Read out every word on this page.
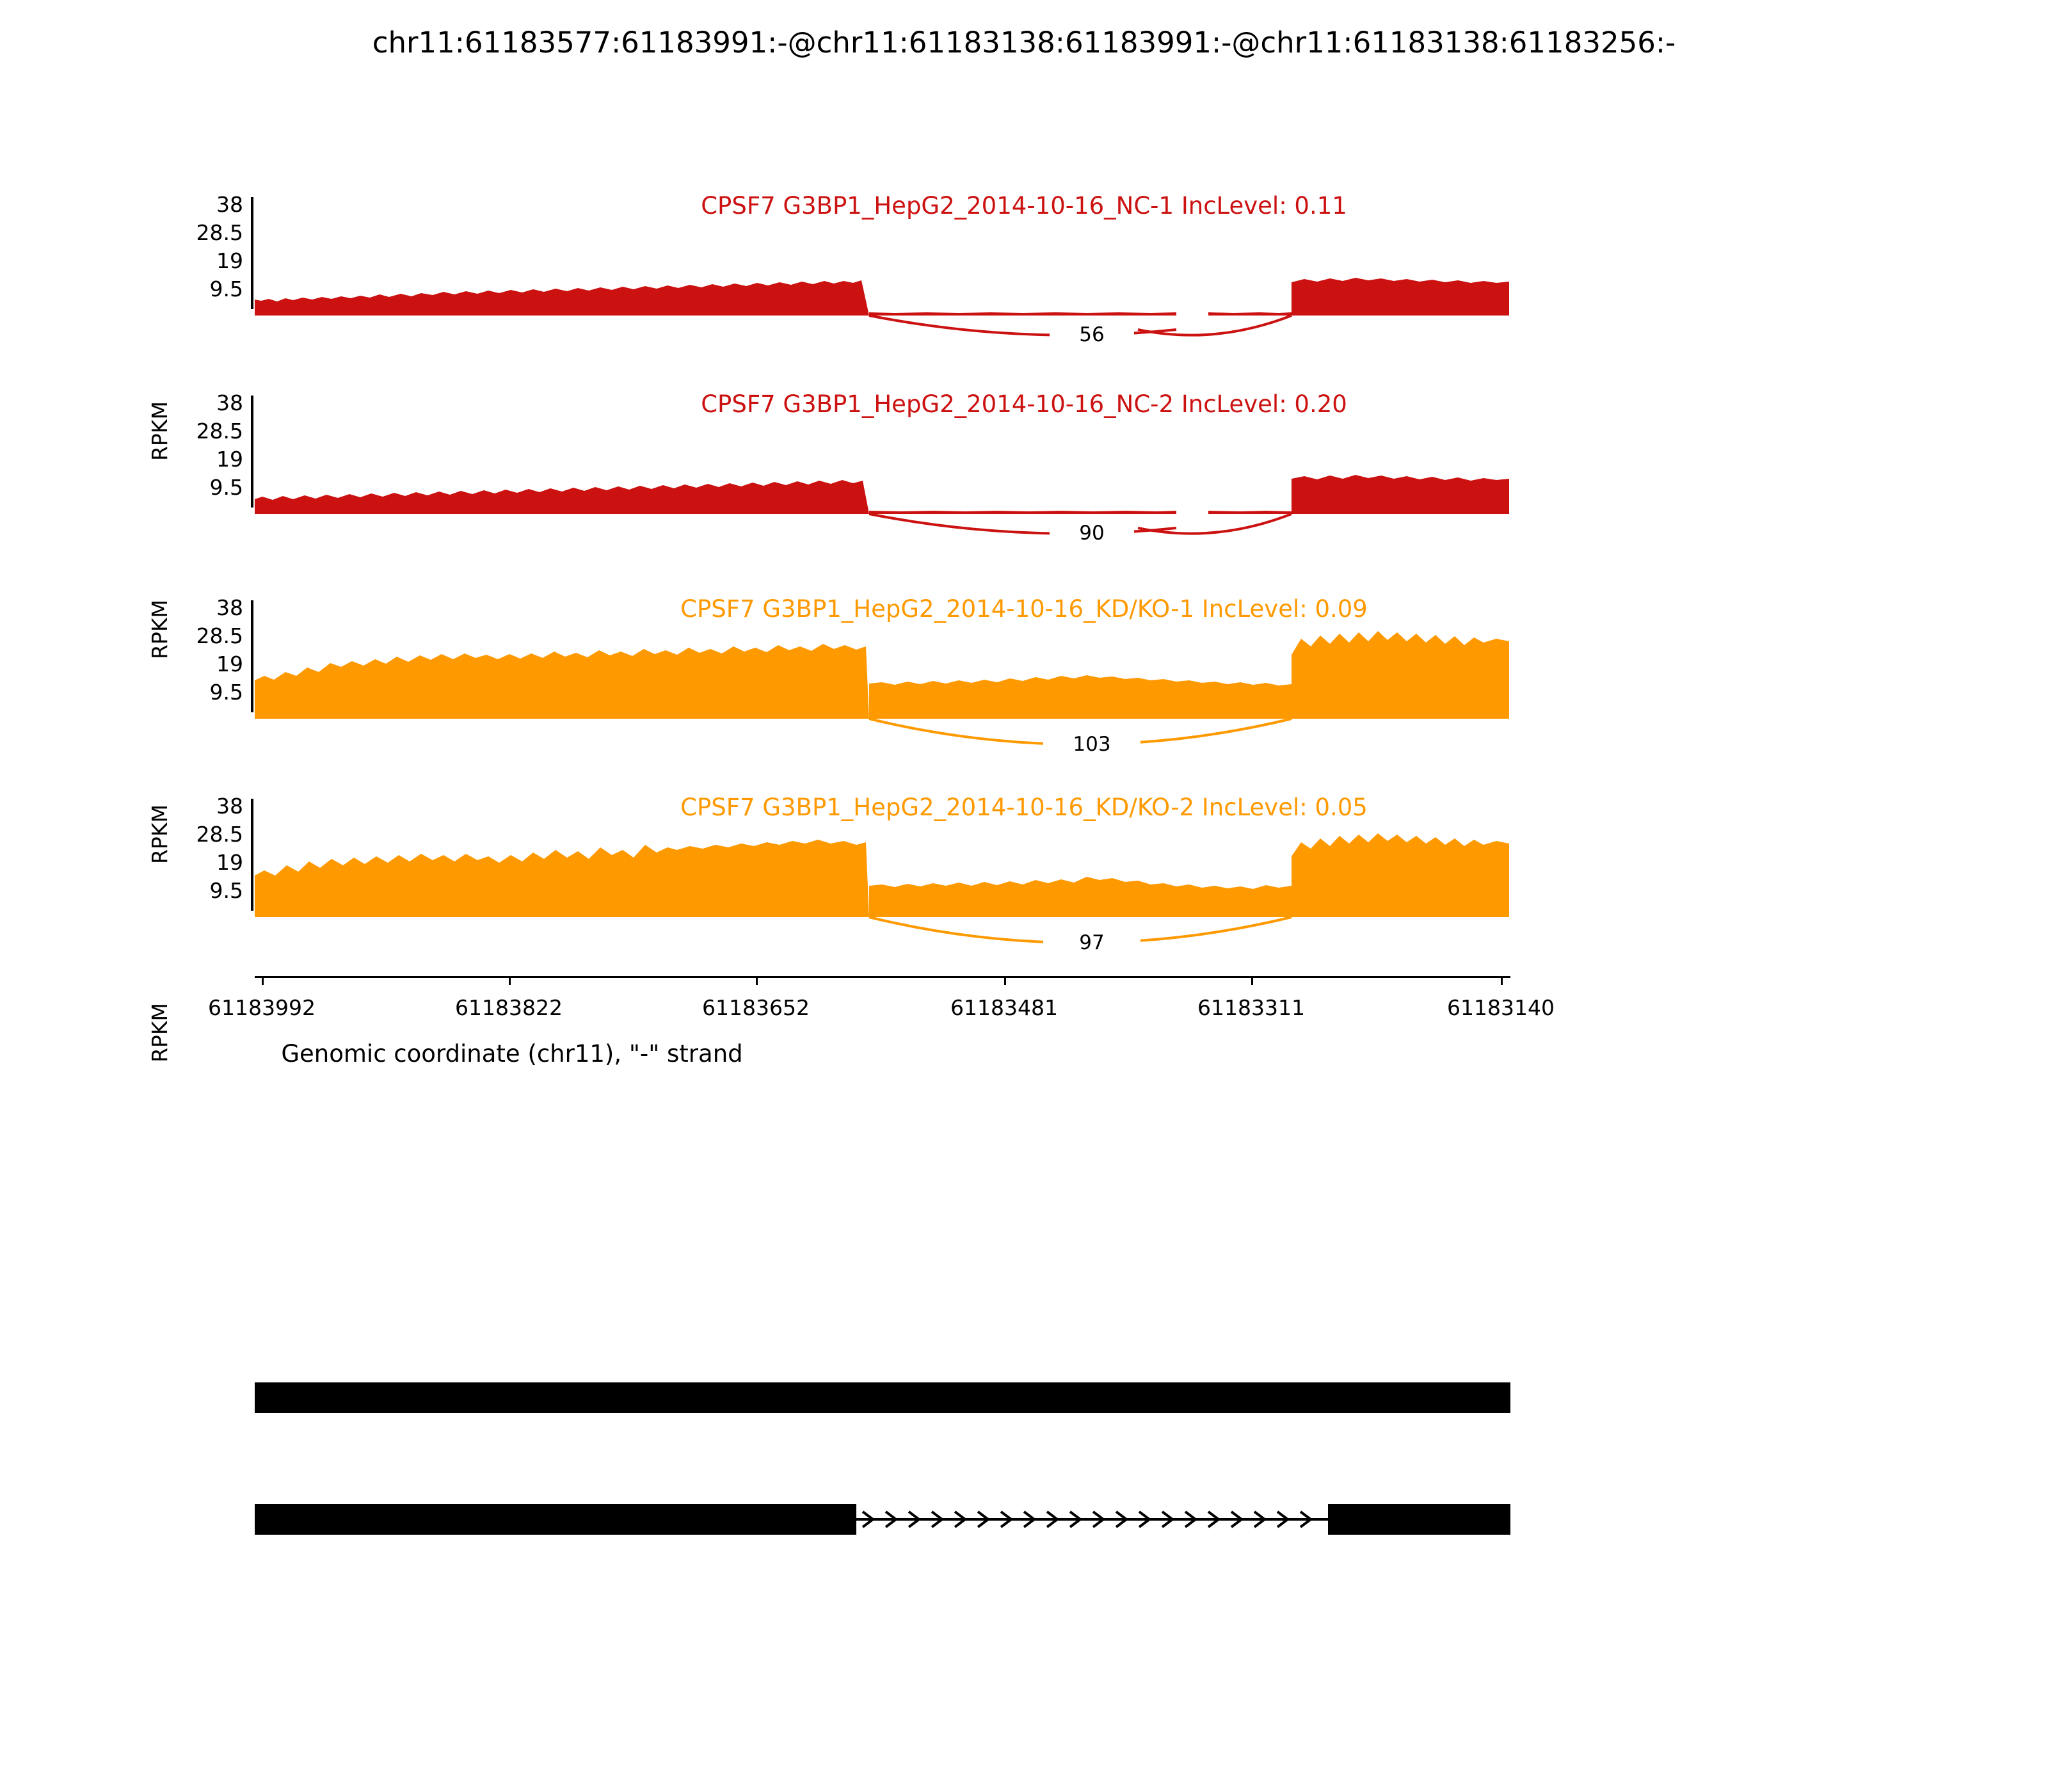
chr11:61183577:61183991:-@chr11:61183138:61183991:-@chr11:61183138:61183256:-
RPKM
38
28.5
19
9.5
CPSF7 G3BP1_HepG2_2014-10-16_NC-1 IncLevel: 0.11
56
RPKM
38
28.5
19
9.5
CPSF7 G3BP1_HepG2_2014-10-16_NC-2 IncLevel: 0.20
90
RPKM
38
28.5
19
9.5
CPSF7 G3BP1_HepG2_2014-10-16_KD/KO-1 IncLevel: 0.09
103
RPKM
38
28.5
19
9.5
CPSF7 G3BP1_HepG2_2014-10-16_KD/KO-2 IncLevel: 0.05
97
61183992	61183822	61183652	61183481	61183311	61183140
Genomic coordinate (chr11), "-" strand
